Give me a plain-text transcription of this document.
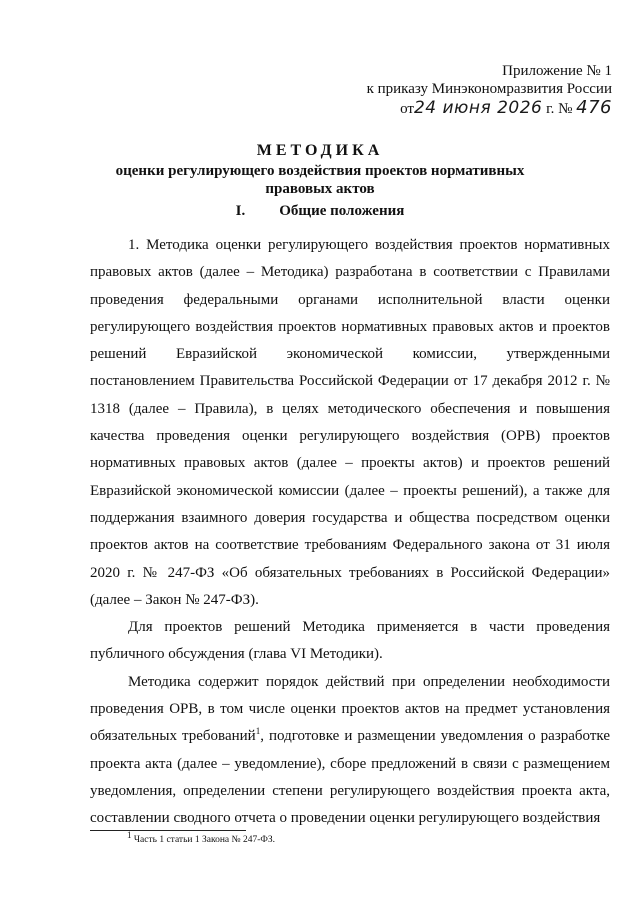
Приложение № 1
к приказу Минэкономразвития России
от24 июня 2026 г. № 476
МЕТОДИКА
оценки регулирующего воздействия проектов нормативных правовых актов
I. Общие положения

1. Методика оценки регулирующего воздействия проектов нормативных правовых актов (далее – Методика) разработана в соответствии с Правилами проведения федеральными органами исполнительной власти оценки регулирующего воздействия проектов нормативных правовых актов и проектов решений Евразийской экономической комиссии, утвержденными постановлением Правительства Российской Федерации от 17 декабря 2012 г. № 1318 (далее – Правила), в целях методического обеспечения и повышения качества проведения оценки регулирующего воздействия (ОРВ) проектов нормативных правовых актов (далее – проекты актов) и проектов решений Евразийской экономической комиссии (далее – проекты решений), а также для поддержания взаимного доверия государства и общества посредством оценки проектов актов на соответствие требованиям Федерального закона от 31 июля 2020 г. № 247-ФЗ «Об обязательных требованиях в Российской Федерации» (далее – Закон № 247-ФЗ).

Для проектов решений Методика применяется в части проведения публичного обсуждения (глава VI Методики).

Методика содержит порядок действий при определении необходимости проведения ОРВ, в том числе оценки проектов актов на предмет установления обязательных требований$^1$, подготовке и размещении уведомления о разработке проекта акта (далее – уведомление), сборе предложений в связи с размещением уведомления, определении степени регулирующего воздействия проекта акта, составлении сводного отчета о проведении оценки регулирующего воздействия

$^1$ Часть 1 статьи 1 Закона № 247-ФЗ.
